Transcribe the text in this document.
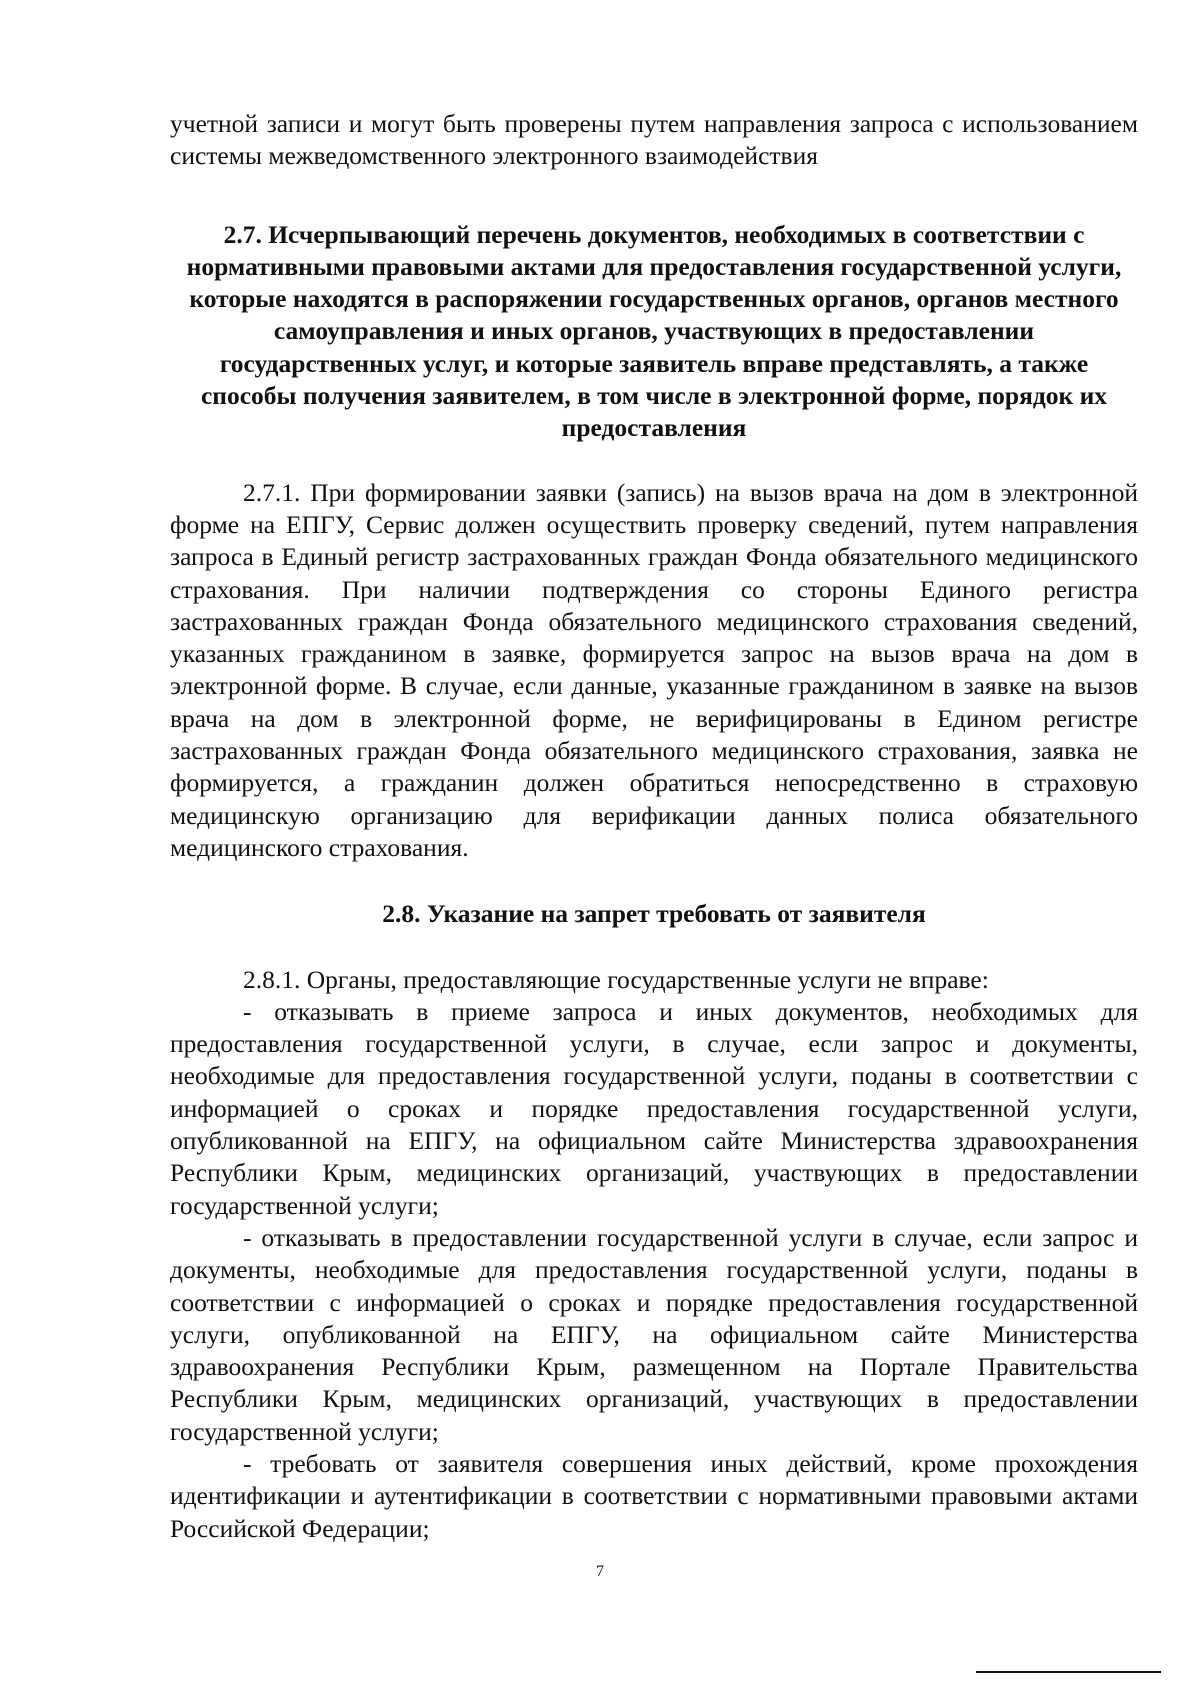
учетной записи и могут быть проверены путем направления запроса с использованием системы межведомственного электронного взаимодействия

2.7. Исчерпывающий перечень документов, необходимых в соответствии с нормативными правовыми актами для предоставления государственной услуги, которые находятся в распоряжении государственных органов, органов местного самоуправления и иных органов, участвующих в предоставлении государственных услуг, и которые заявитель вправе представлять, а также способы получения заявителем, в том числе в электронной форме, порядок их предоставления

2.7.1. При формировании заявки (запись) на вызов врача на дом в электронной форме на ЕПГУ, Сервис должен осуществить проверку сведений, путем направления запроса в Единый регистр застрахованных граждан Фонда обязательного медицинского страхования. При наличии подтверждения со стороны Единого регистра застрахованных граждан Фонда обязательного медицинского страхования сведений, указанных гражданином в заявке, формируется запрос на вызов врача на дом в электронной форме. В случае, если данные, указанные гражданином в заявке на вызов врача на дом в электронной форме, не верифицированы в Едином регистре застрахованных граждан Фонда обязательного медицинского страхования, заявка не формируется, а гражданин должен обратиться непосредственно в страховую медицинскую организацию для верификации данных полиса обязательного медицинского страхования.

2.8. Указание на запрет требовать от заявителя

2.8.1. Органы, предоставляющие государственные услуги не вправе:

- отказывать в приеме запроса и иных документов, необходимых для предоставления государственной услуги, в случае, если запрос и документы, необходимые для предоставления государственной услуги, поданы в соответствии с информацией о сроках и порядке предоставления государственной услуги, опубликованной на ЕПГУ, на официальном сайте Министерства здравоохранения Республики Крым, медицинских организаций, участвующих в предоставлении государственной услуги;

- отказывать в предоставлении государственной услуги в случае, если запрос и документы, необходимые для предоставления государственной услуги, поданы в соответствии с информацией о сроках и порядке предоставления государственной услуги, опубликованной на ЕПГУ, на официальном сайте Министерства здравоохранения Республики Крым, размещенном на Портале Правительства Республики Крым, медицинских организаций, участвующих в предоставлении государственной услуги;

- требовать от заявителя совершения иных действий, кроме прохождения идентификации и аутентификации в соответствии с нормативными правовыми актами Российской Федерации;

7
